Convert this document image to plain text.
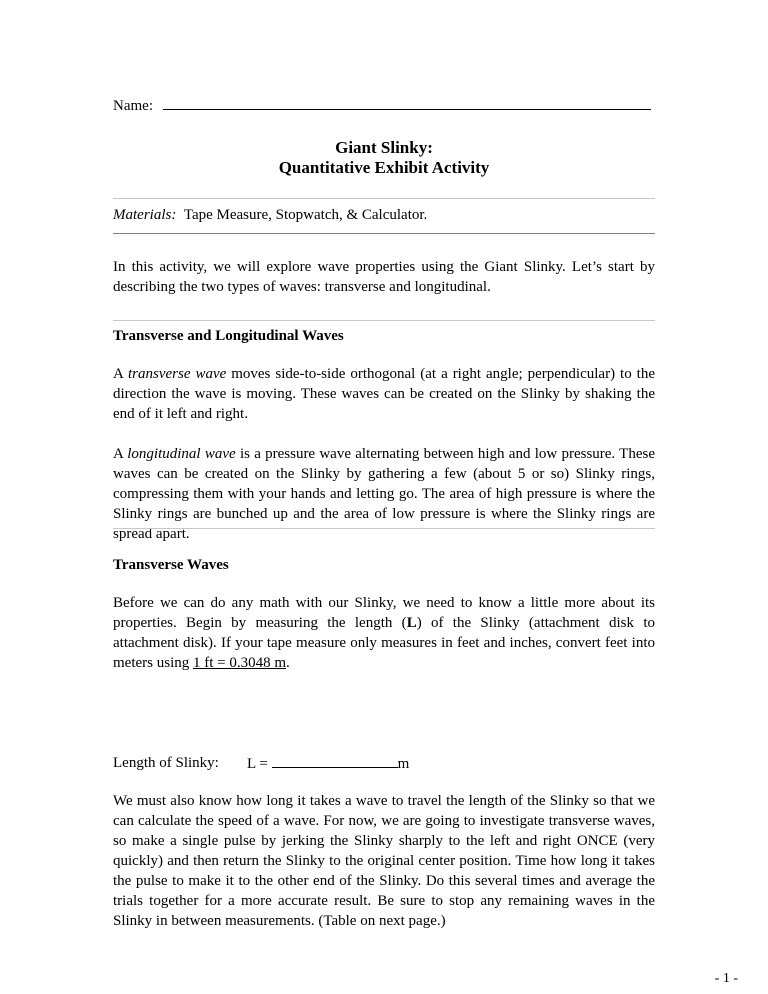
Name:
Giant Slinky:
Quantitative Exhibit Activity
Materials: Tape Measure, Stopwatch, & Calculator.
In this activity, we will explore wave properties using the Giant Slinky. Let’s start by describing the two types of waves: transverse and longitudinal.
Transverse and Longitudinal Waves
A transverse wave moves side-to-side orthogonal (at a right angle; perpendicular) to the direction the wave is moving. These waves can be created on the Slinky by shaking the end of it left and right.
A longitudinal wave is a pressure wave alternating between high and low pressure. These waves can be created on the Slinky by gathering a few (about 5 or so) Slinky rings, compressing them with your hands and letting go. The area of high pressure is where the Slinky rings are bunched up and the area of low pressure is where the Slinky rings are spread apart.
Transverse Waves
Before we can do any math with our Slinky, we need to know a little more about its properties. Begin by measuring the length (L) of the Slinky (attachment disk to attachment disk). If your tape measure only measures in feet and inches, convert feet into meters using 1 ft = 0.3048 m.
Length of Slinky: L =	m
We must also know how long it takes a wave to travel the length of the Slinky so that we can calculate the speed of a wave. For now, we are going to investigate transverse waves, so make a single pulse by jerking the Slinky sharply to the left and right ONCE (very quickly) and then return the Slinky to the original center position. Time how long it takes the pulse to make it to the other end of the Slinky. Do this several times and average the trials together for a more accurate result. Be sure to stop any remaining waves in the Slinky in between measurements. (Table on next page.)
- 1 -
